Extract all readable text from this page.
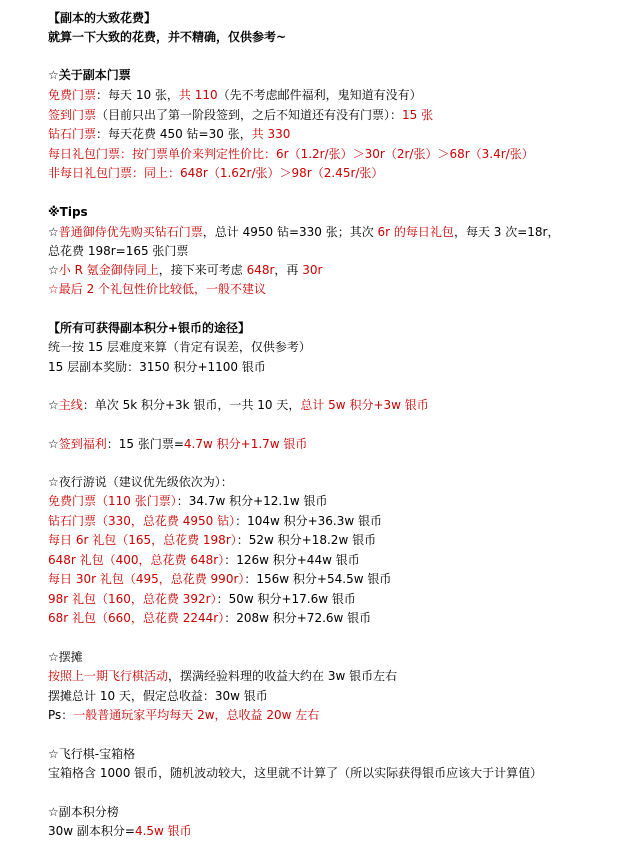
【副本的大致花费】
就算一下大致的花费，并不精确，仅供参考~
☆关于副本门票
免费门票：每天 10 张，共 110（先不考虑邮件福利，鬼知道有没有）
签到门票（目前只出了第一阶段签到，之后不知道还有没有门票）：15 张
钻石门票：每天花费 450 钻=30 张，共 330
每日礼包门票：按门票单价来判定性价比：6r（1.2r/张）＞30r（2r/张）＞68r（3.4r/张）
非每日礼包门票：同上：648r（1.62r/张）＞98r（2.45r/张）
※Tips
☆普通御侍优先购买钻石门票，总计 4950 钻=330 张；其次 6r 的每日礼包，每天 3 次=18r，
总花费 198r=165 张门票
☆小 R 氪金御侍同上，接下来可考虑 648r，再 30r
☆最后 2 个礼包性价比较低，一般不建议
【所有可获得副本积分+银币的途径】
统一按 15 层难度来算（肯定有误差，仅供参考）
15 层副本奖励：3150 积分+1100 银币
☆主线：单次 5k 积分+3k 银币，一共 10 天，总计 5w 积分+3w 银币
☆签到福利：15 张门票=4.7w 积分+1.7w 银币
☆夜行游说（建议优先级依次为）：
免费门票（110 张门票）：34.7w 积分+12.1w 银币
钻石门票（330，总花费 4950 钻）：104w 积分+36.3w 银币
每日 6r 礼包（165，总花费 198r）：52w 积分+18.2w 银币
648r 礼包（400，总花费 648r）：126w 积分+44w 银币
每日 30r 礼包（495，总花费 990r）：156w 积分+54.5w 银币
98r 礼包（160，总花费 392r）：50w 积分+17.6w 银币
68r 礼包（660，总花费 2244r）：208w 积分+72.6w 银币
☆摆摊
按照上一期飞行棋活动，摆满经验料理的收益大约在 3w 银币左右
摆摊总计 10 天，假定总收益：30w 银币
Ps：一般普通玩家平均每天 2w，总收益 20w 左右
☆飞行棋-宝箱格
宝箱格含 1000 银币，随机波动较大，这里就不计算了（所以实际获得银币应该大于计算值）
☆副本积分榜
30w 副本积分=4.5w 银币
